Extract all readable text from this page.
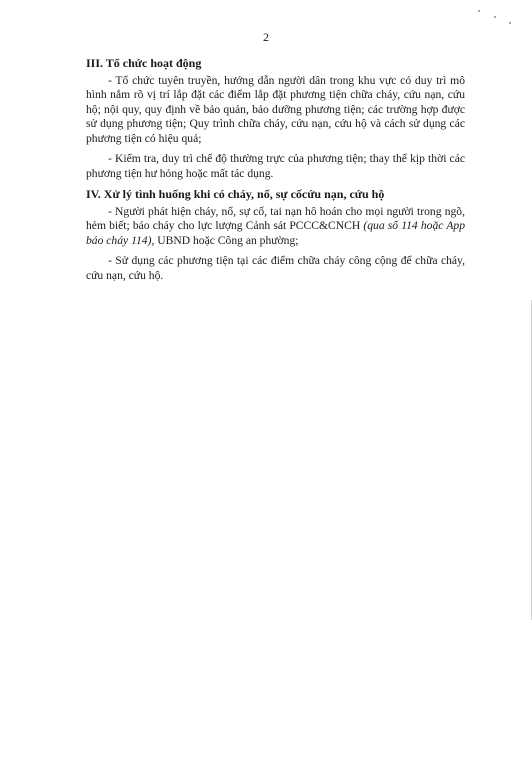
2
III. Tổ chức hoạt động

- Tổ chức tuyên truyền, hướng dẫn người dân trong khu vực có duy trì mô hình nắm rõ vị trí lắp đặt các điểm lắp đặt phương tiện chữa cháy, cứu nạn, cứu hộ; nội quy, quy định về bảo quản, bảo dưỡng phương tiện; các trường hợp được sử dụng phương tiện; Quy trình chữa cháy, cứu nạn, cứu hộ và cách sử dụng các phương tiện có hiệu quả;

- Kiểm tra, duy trì chế độ thường trực của phương tiện; thay thế kịp thời các phương tiện hư hỏng hoặc mất tác dụng.

IV. Xử lý tình huống khi có cháy, nổ, sự cốcứu nạn, cứu hộ

- Người phát hiện cháy, nổ, sự cố, tai nạn hô hoán cho mọi người trong ngõ, hẻm biết; báo cháy cho lực lượng Cảnh sát PCCC&CNCH (qua số 114 hoặc App báo cháy 114), UBND hoặc Công an phường;

- Sử dụng các phương tiện tại các điểm chữa cháy công cộng để chữa cháy, cứu nạn, cứu hộ.
